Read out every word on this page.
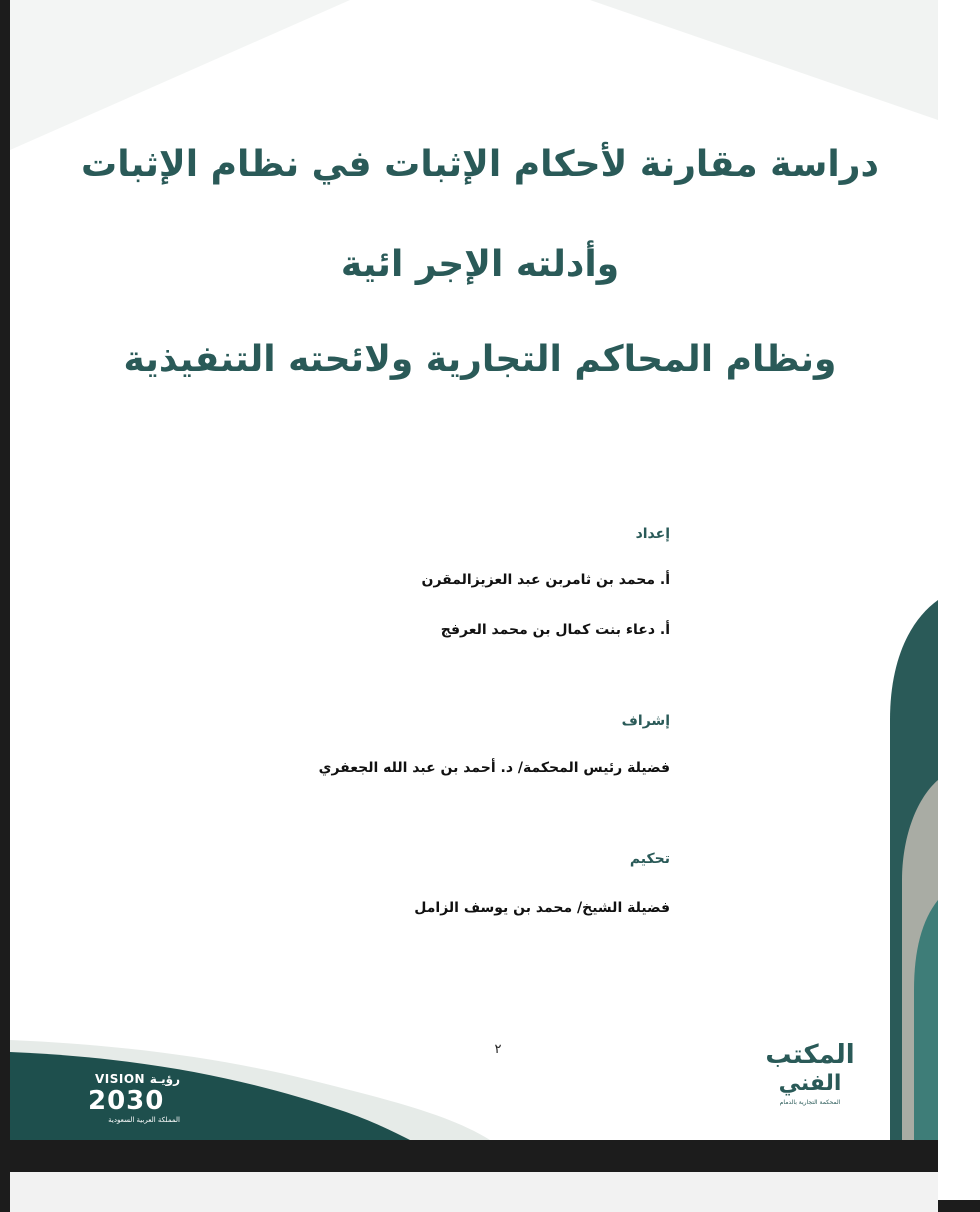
دراسة مقارنة لأحكام الإثبات في نظام الإثبات

وأدلته الإجر ائية

ونظام المحاكم التجارية ولائحته التنفيذية

إعداد
أ. محمد بن ثامربن عبد العزيزالمقرن
أ. دعاء بنت كمال بن محمد العرفج
إشراف
فضيلة رئيس المحكمة/ د. أحمد بن عبد الله الجعفري
تحكيم
فضيلة الشيخ/ محمد بن يوسف الزامل
٢
VISION رؤيـة
2030
المملكة العربية السعودية
المكتب
الفني
المحكمة التجارية بالدمام
